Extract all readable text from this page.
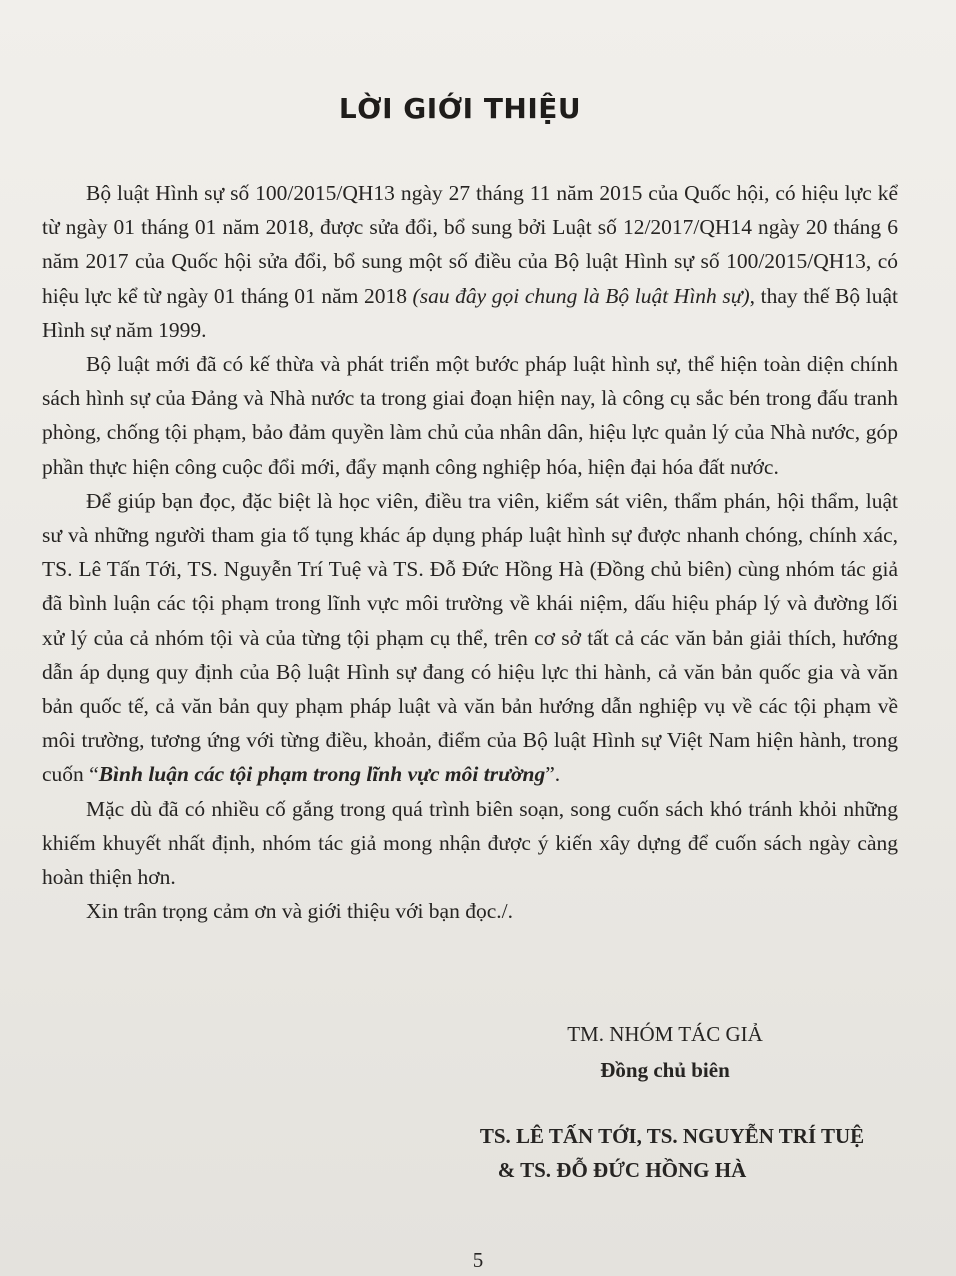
LỜI GIỚI THIỆU

Bộ luật Hình sự số 100/2015/QH13 ngày 27 tháng 11 năm 2015 của Quốc hội, có hiệu lực kể từ ngày 01 tháng 01 năm 2018, được sửa đổi, bổ sung bởi Luật số 12/2017/QH14 ngày 20 tháng 6 năm 2017 của Quốc hội sửa đổi, bổ sung một số điều của Bộ luật Hình sự số 100/2015/QH13, có hiệu lực kể từ ngày 01 tháng 01 năm 2018 (sau đây gọi chung là Bộ luật Hình sự), thay thế Bộ luật Hình sự năm 1999.

Bộ luật mới đã có kế thừa và phát triển một bước pháp luật hình sự, thể hiện toàn diện chính sách hình sự của Đảng và Nhà nước ta trong giai đoạn hiện nay, là công cụ sắc bén trong đấu tranh phòng, chống tội phạm, bảo đảm quyền làm chủ của nhân dân, hiệu lực quản lý của Nhà nước, góp phần thực hiện công cuộc đổi mới, đẩy mạnh công nghiệp hóa, hiện đại hóa đất nước.

Để giúp bạn đọc, đặc biệt là học viên, điều tra viên, kiểm sát viên, thẩm phán, hội thẩm, luật sư và những người tham gia tố tụng khác áp dụng pháp luật hình sự được nhanh chóng, chính xác, TS. Lê Tấn Tới, TS. Nguyễn Trí Tuệ và TS. Đỗ Đức Hồng Hà (Đồng chủ biên) cùng nhóm tác giả đã bình luận các tội phạm trong lĩnh vực môi trường về khái niệm, dấu hiệu pháp lý và đường lối xử lý của cả nhóm tội và của từng tội phạm cụ thể, trên cơ sở tất cả các văn bản giải thích, hướng dẫn áp dụng quy định của Bộ luật Hình sự đang có hiệu lực thi hành, cả văn bản quốc gia và văn bản quốc tế, cả văn bản quy phạm pháp luật và văn bản hướng dẫn nghiệp vụ về các tội phạm về môi trường, tương ứng với từng điều, khoản, điểm của Bộ luật Hình sự Việt Nam hiện hành, trong cuốn “Bình luận các tội phạm trong lĩnh vực môi trường”.

Mặc dù đã có nhiều cố gắng trong quá trình biên soạn, song cuốn sách khó tránh khỏi những khiếm khuyết nhất định, nhóm tác giả mong nhận được ý kiến xây dựng để cuốn sách ngày càng hoàn thiện hơn.

Xin trân trọng cảm ơn và giới thiệu với bạn đọc./.

TM. NHÓM TÁC GIẢ
Đồng chủ biên
TS. LÊ TẤN TỚI, TS. NGUYỄN TRÍ TUỆ
& TS. ĐỖ ĐỨC HỒNG HÀ
5
